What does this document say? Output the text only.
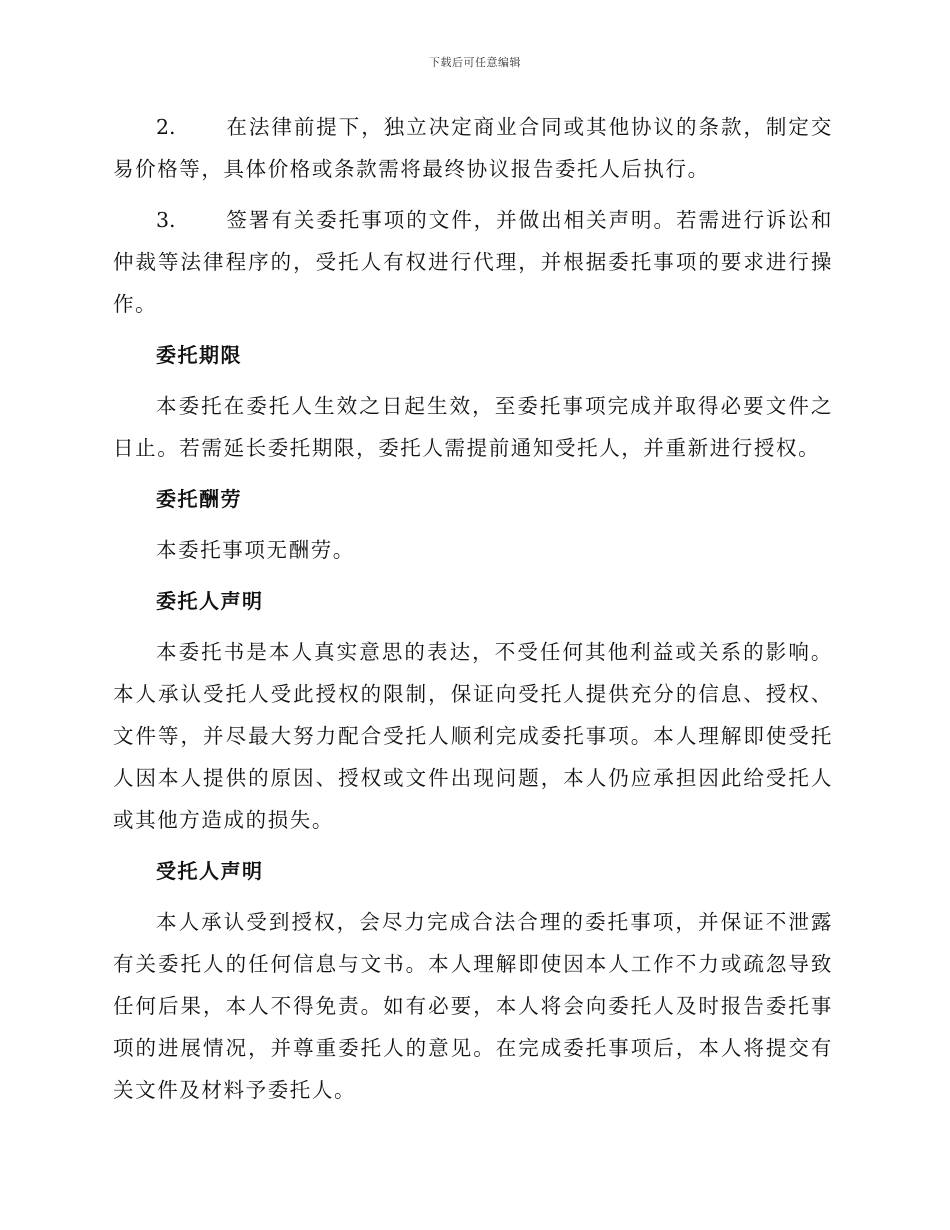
下载后可任意编辑

2. 在法律前提下，独立决定商业合同或其他协议的条款，制定交易价格等，具体价格或条款需将最终协议报告委托人后执行。

3. 签署有关委托事项的文件，并做出相关声明。若需进行诉讼和仲裁等法律程序的，受托人有权进行代理，并根据委托事项的要求进行操作。

委托期限

本委托在委托人生效之日起生效，至委托事项完成并取得必要文件之日止。若需延长委托期限，委托人需提前通知受托人，并重新进行授权。

委托酬劳

本委托事项无酬劳。

委托人声明

本委托书是本人真实意思的表达，不受任何其他利益或关系的影响。本人承认受托人受此授权的限制，保证向受托人提供充分的信息、授权、文件等，并尽最大努力配合受托人顺利完成委托事项。本人理解即使受托人因本人提供的原因、授权或文件出现问题，本人仍应承担因此给受托人或其他方造成的损失。

受托人声明

本人承认受到授权，会尽力完成合法合理的委托事项，并保证不泄露有关委托人的任何信息与文书。本人理解即使因本人工作不力或疏忽导致任何后果，本人不得免责。如有必要，本人将会向委托人及时报告委托事项的进展情况，并尊重委托人的意见。在完成委托事项后，本人将提交有关文件及材料予委托人。
